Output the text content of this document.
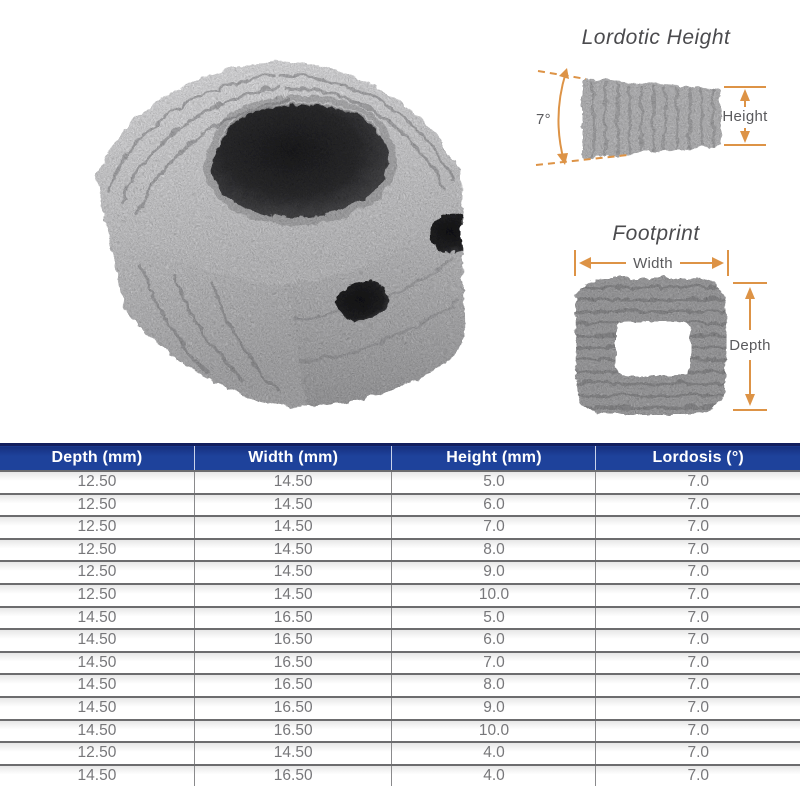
Lordotic Height
7°	Height
Footprint
Width
Depth
Depth (mm)	Width (mm)	Height (mm)	Lordosis (°)
12.50	14.50	5.0	7.0
12.50	14.50	6.0	7.0
12.50	14.50	7.0	7.0
12.50	14.50	8.0	7.0
12.50	14.50	9.0	7.0
12.50	14.50	10.0	7.0
14.50	16.50	5.0	7.0
14.50	16.50	6.0	7.0
14.50	16.50	7.0	7.0
14.50	16.50	8.0	7.0
14.50	16.50	9.0	7.0
14.50	16.50	10.0	7.0
12.50	14.50	4.0	7.0
14.50	16.50	4.0	7.0
